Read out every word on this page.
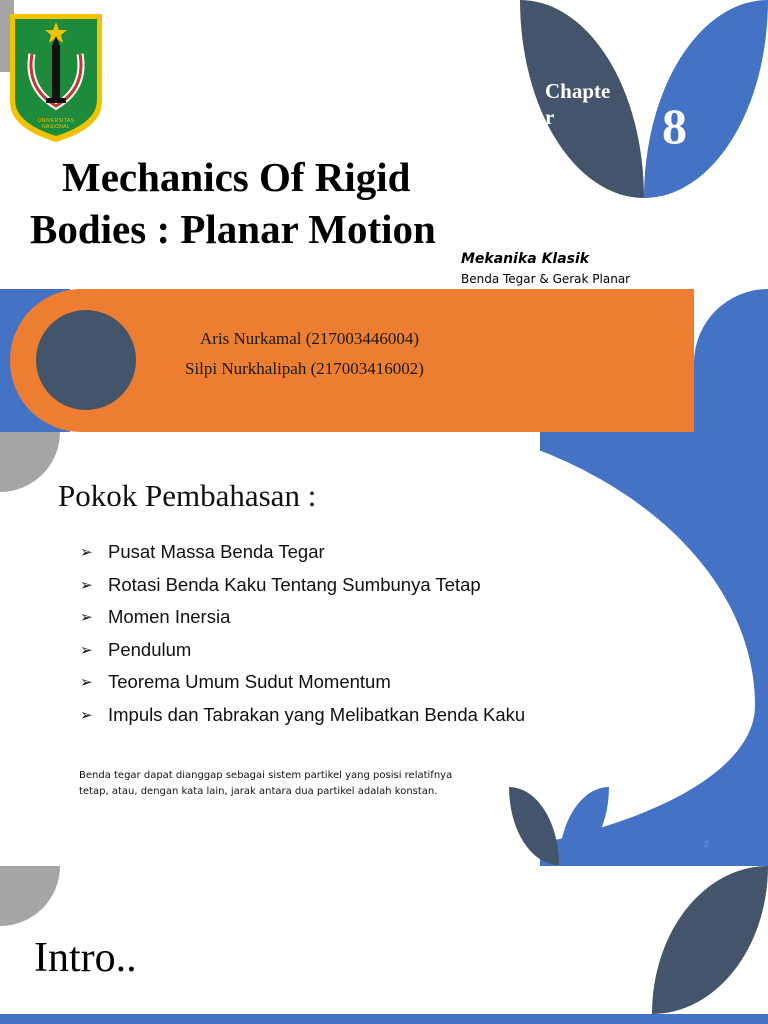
UNIVERSITAS NASIONAL
Chapte
r	8
Mechanics Of Rigid
Bodies : Planar Motion
Mekanika Klasik
Benda Tegar & Gerak Planar
Aris Nurkamal (217003446004)
Silpi Nurkhalipah (217003416002)
Pokok Pembahasan :
➢ Pusat Massa Benda Tegar
➢ Rotasi Benda Kaku Tentang Sumbunya Tetap
➢ Momen Inersia
➢ Pendulum
➢ Teorema Umum Sudut Momentum
➢ Impuls dan Tabrakan yang Melibatkan Benda Kaku
Benda tegar dapat dianggap sebagai sistem partikel yang posisi relatifnya tetap, atau, dengan kata lain, jarak antara dua partikel adalah konstan.
2
Intro..
